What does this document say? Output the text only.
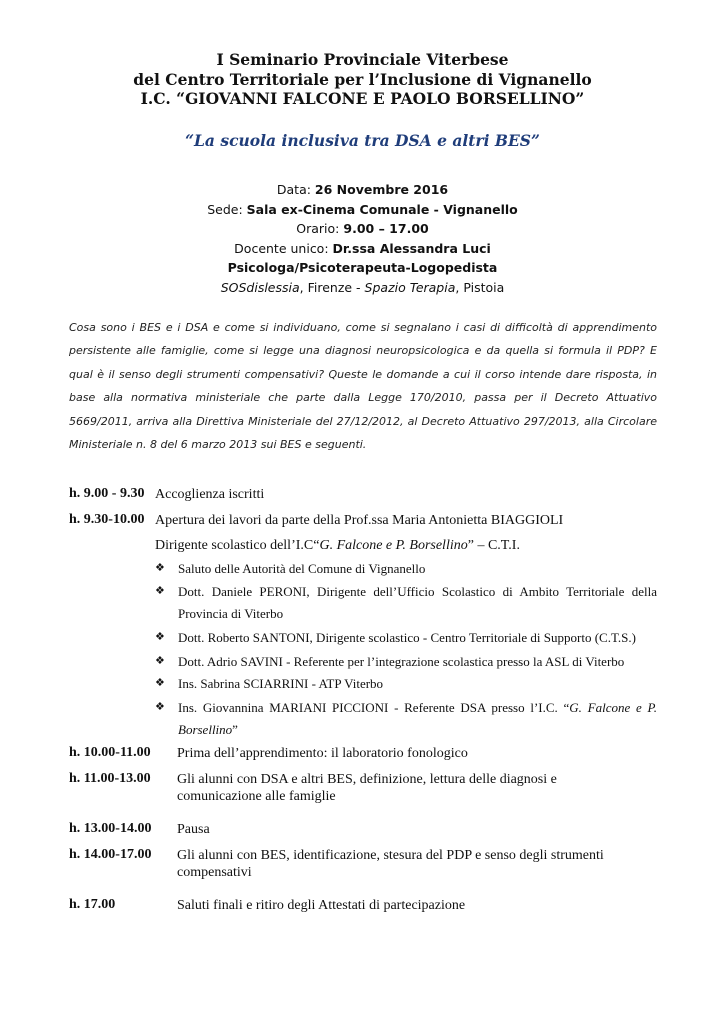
I Seminario Provinciale Viterbese
del Centro Territoriale per l’Inclusione di Vignanello
I.C. “GIOVANNI FALCONE E PAOLO BORSELLINO”
“La scuola inclusiva tra DSA e altri BES”
Data: 26 Novembre 2016
Sede: Sala ex-Cinema Comunale - Vignanello
Orario: 9.00 – 17.00
Docente unico: Dr.ssa Alessandra Luci
Psicologa/Psicoterapeuta-Logopedista
SOSdislessia, Firenze - Spazio Terapia, Pistoia
Cosa sono i BES e i DSA e come si individuano, come si segnalano i casi di difficoltà di apprendimento persistente alle famiglie, come si legge una diagnosi neuropsicologica e da quella si formula il PDP? E qual è il senso degli strumenti compensativi? Queste le domande a cui il corso intende dare risposta, in base alla normativa ministeriale che parte dalla Legge 170/2010, passa per il Decreto Attuativo 5669/2011, arriva alla Direttiva Ministeriale del 27/12/2012, al Decreto Attuativo 297/2013, alla Circolare Ministeriale n. 8 del 6 marzo 2013 sui BES e seguenti.
h. 9.00 - 9.30 Accoglienza iscritti
h. 9.30-10.00 Apertura dei lavori da parte della Prof.ssa Maria Antonietta BIAGGIOLI
Dirigente scolastico dell’I.C“G. Falcone e P. Borsellino” – C.T.I.
❖ Saluto delle Autorità del Comune di Vignanello
❖ Dott. Daniele PERONI, Dirigente dell’Ufficio Scolastico di Ambito Territoriale della Provincia di Viterbo
❖ Dott. Roberto SANTONI, Dirigente scolastico - Centro Territoriale di Supporto (C.T.S.)
❖ Dott. Adrio SAVINI - Referente per l’integrazione scolastica presso la ASL di Viterbo
❖ Ins. Sabrina SCIARRINI - ATP Viterbo
❖ Ins. Giovannina MARIANI PICCIONI - Referente DSA presso l’I.C. “G. Falcone e P. Borsellino”
h. 10.00-11.00 Prima dell’apprendimento: il laboratorio fonologico
h. 11.00-13.00 Gli alunni con DSA e altri BES, definizione, lettura delle diagnosi e comunicazione alle famiglie
h. 13.00-14.00 Pausa
h. 14.00-17.00 Gli alunni con BES, identificazione, stesura del PDP e senso degli strumenti compensativi
h. 17.00	Saluti finali e ritiro degli Attestati di partecipazione
